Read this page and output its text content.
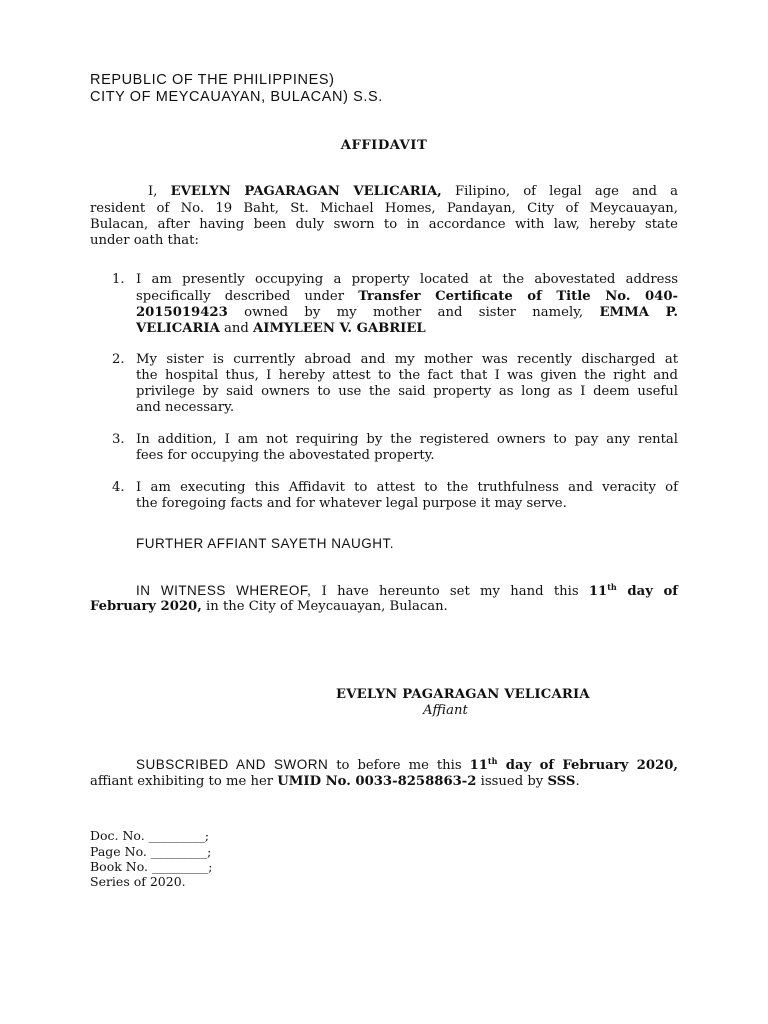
REPUBLIC OF THE PHILIPPINES)
CITY OF MEYCAUAYAN, BULACAN) S.S.
AFFIDAVIT
I, EVELYN PAGARAGAN VELICARIA, Filipino, of legal age and a
resident of No. 19 Baht, St. Michael Homes, Pandayan, City of Meycauayan,
Bulacan, after having been duly sworn to in accordance with law, hereby state
under oath that:
1. I am presently occupying a property located at the abovestated address
specifically described under Transfer Certificate of Title No. 040-
2015019423 owned by my mother and sister namely, EMMA P.
VELICARIA and AIMYLEEN V. GABRIEL
2. My sister is currently abroad and my mother was recently discharged at
the hospital thus, I hereby attest to the fact that I was given the right and
privilege by said owners to use the said property as long as I deem useful
and necessary.
3. In addition, I am not requiring by the registered owners to pay any rental
fees for occupying the abovestated property.
4. I am executing this Affidavit to attest to the truthfulness and veracity of
the foregoing facts and for whatever legal purpose it may serve.
FURTHER AFFIANT SAYETH NAUGHT.
IN WITNESS WHEREOF, I have hereunto set my hand this 11th day of
February 2020, in the City of Meycauayan, Bulacan.
EVELYN PAGARAGAN VELICARIA
Affiant
SUBSCRIBED AND SWORN to before me this 11th day of February 2020,
affiant exhibiting to me her UMID No. 0033-8258863-2 issued by SSS.
Doc. No. _________;
Page No. _________;
Book No. _________;
Series of 2020.
